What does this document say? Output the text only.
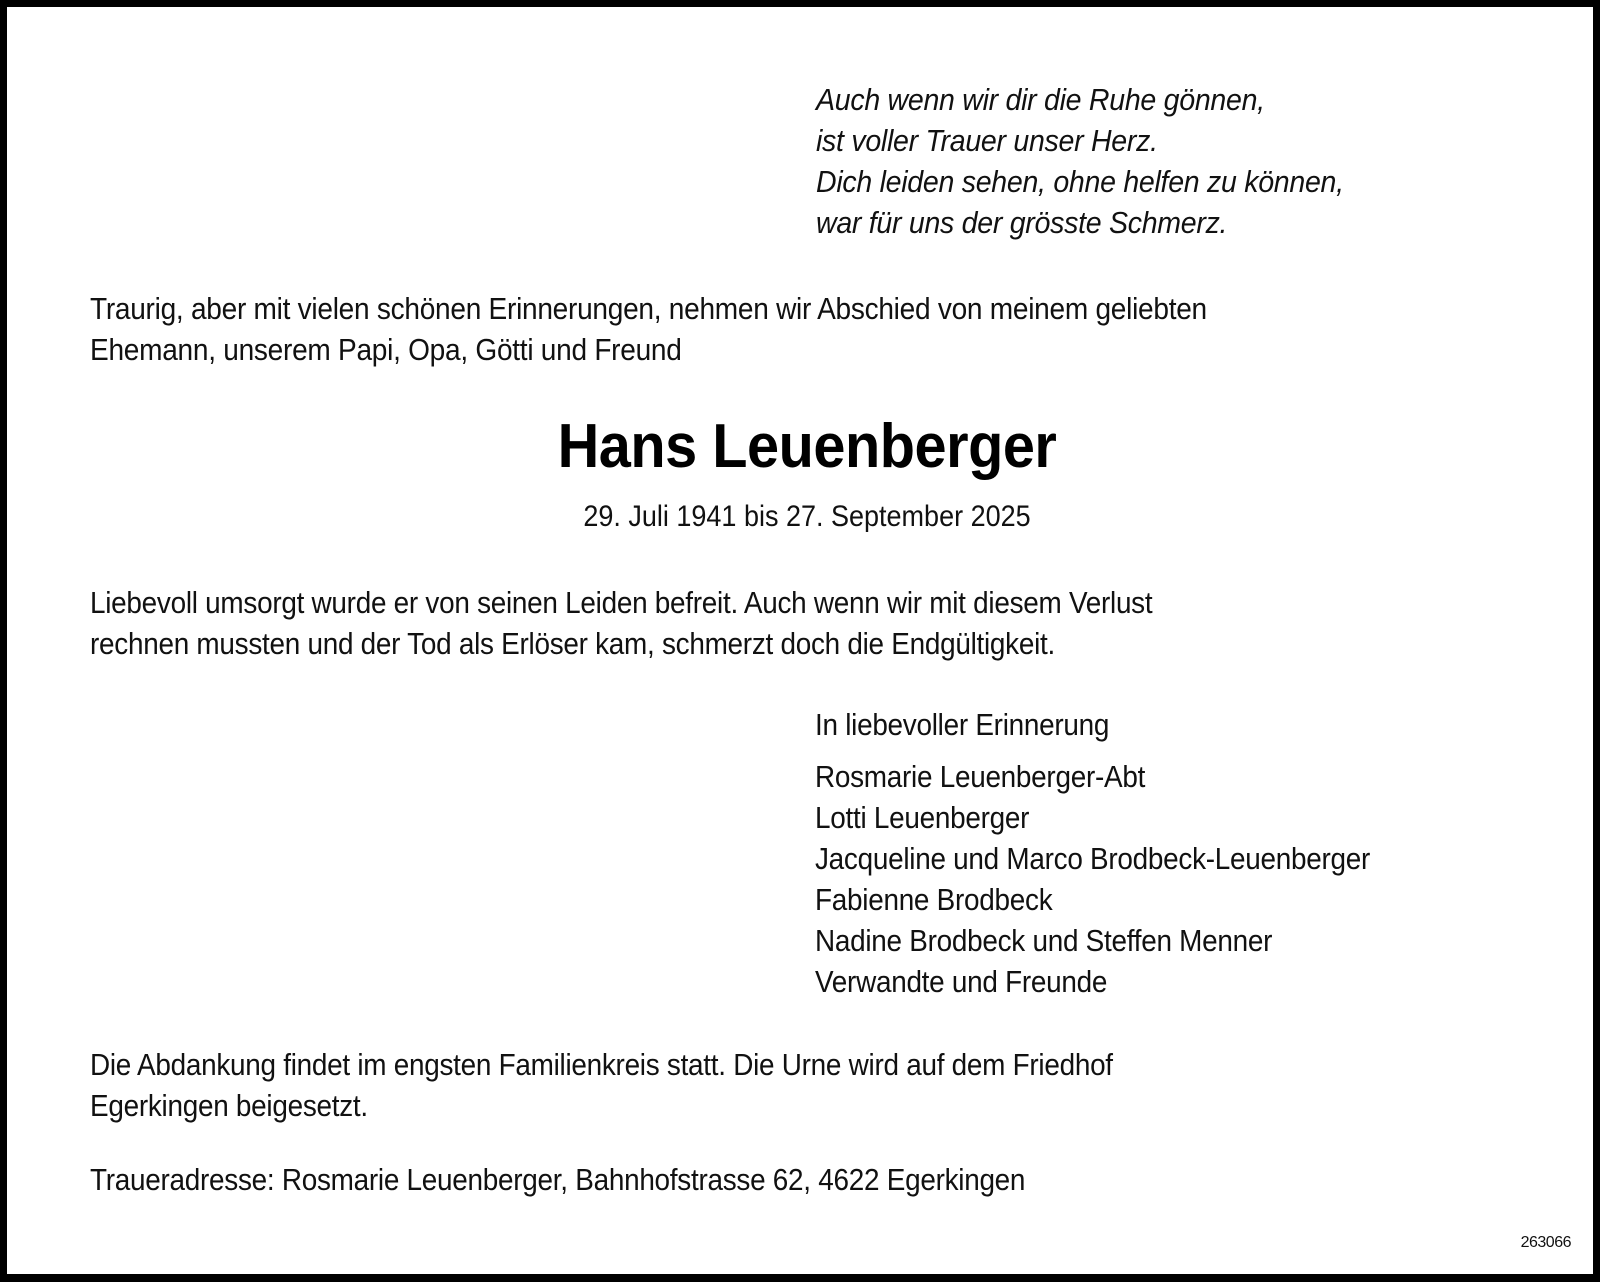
Auch wenn wir dir die Ruhe gönnen,
ist voller Trauer unser Herz.
Dich leiden sehen, ohne helfen zu können,
war für uns der grösste Schmerz.
Traurig, aber mit vielen schönen Erinnerungen, nehmen wir Abschied von meinem geliebten
Ehemann, unserem Papi, Opa, Götti und Freund
Hans Leuenberger
29. Juli 1941 bis 27. September 2025
Liebevoll umsorgt wurde er von seinen Leiden befreit. Auch wenn wir mit diesem Verlust
rechnen mussten und der Tod als Erlöser kam, schmerzt doch die Endgültigkeit.
In liebevoller Erinnerung
Rosmarie Leuenberger-Abt
Lotti Leuenberger
Jacqueline und Marco Brodbeck-Leuenberger
Fabienne Brodbeck
Nadine Brodbeck und Steffen Menner
Verwandte und Freunde
Die Abdankung findet im engsten Familienkreis statt. Die Urne wird auf dem Friedhof
Egerkingen beigesetzt.
Traueradresse: Rosmarie Leuenberger, Bahnhofstrasse 62, 4622 Egerkingen
263066
